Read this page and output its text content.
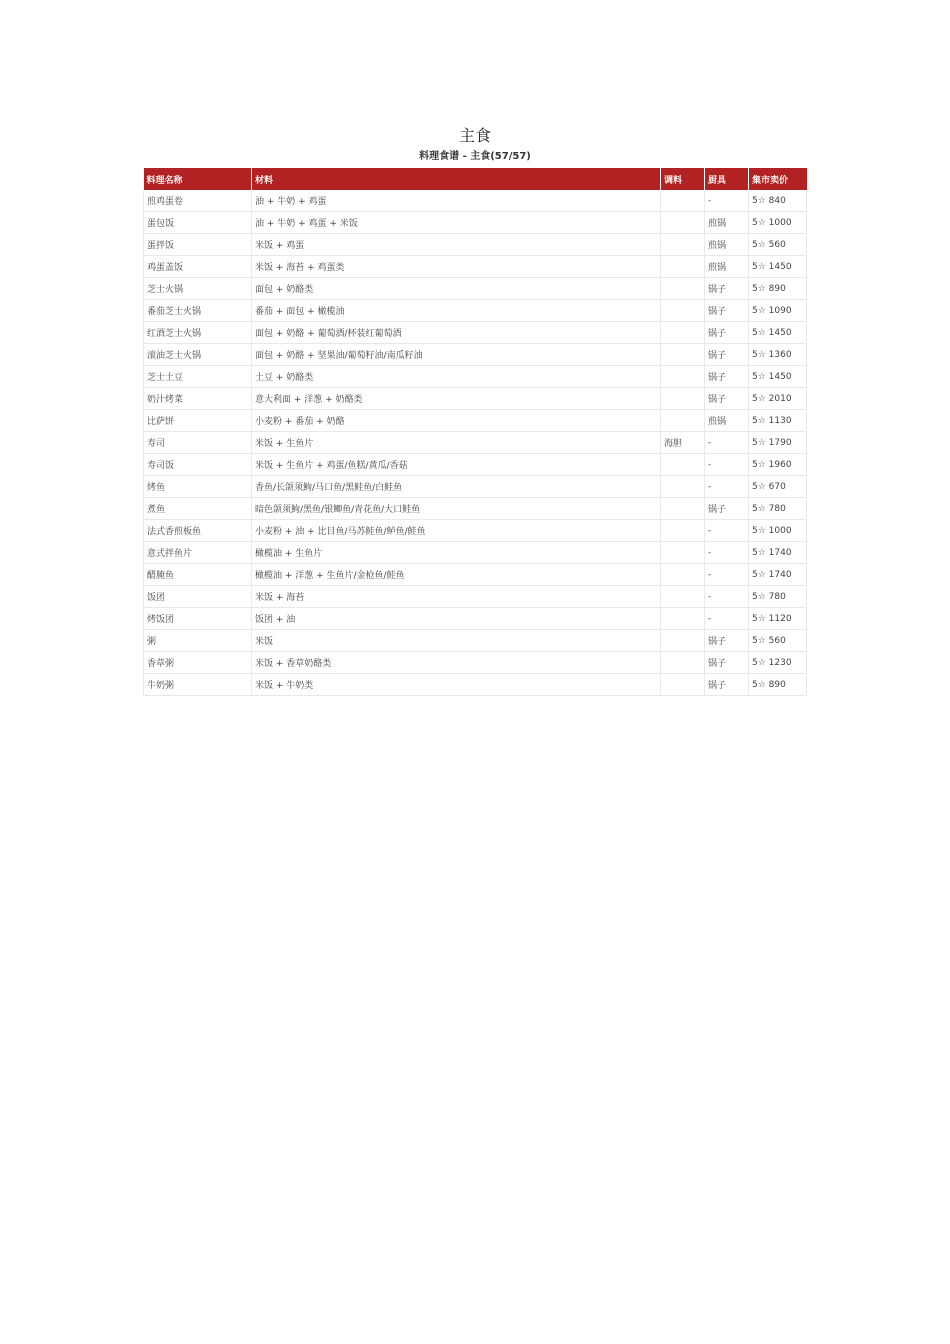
主食
料理食谱 - 主食(57/57)
料理名称	材料	调料	厨具	集市卖价
煎鸡蛋卷	油 + 牛奶 + 鸡蛋		-	5☆ 840
蛋包饭	油 + 牛奶 + 鸡蛋 + 米饭		煎锅	5☆ 1000
蛋拌饭	米饭 + 鸡蛋		煎锅	5☆ 560
鸡蛋盖饭	米饭 + 海苔 + 鸡蛋类		煎锅	5☆ 1450
芝士火锅	面包 + 奶酪类		锅子	5☆ 890
番茄芝士火锅	番茄 + 面包 + 橄榄油		锅子	5☆ 1090
红酒芝士火锅	面包 + 奶酪 + 葡萄酒/杯装红葡萄酒		锅子	5☆ 1450
滚油芝士火锅	面包 + 奶酪 + 坚果油/葡萄籽油/南瓜籽油		锅子	5☆ 1360
芝士土豆	土豆 + 奶酪类		锅子	5☆ 1450
奶汁烤菜	意大利面 + 洋葱 + 奶酪类		锅子	5☆ 2010
比萨饼	小麦粉 + 番茄 + 奶酪		煎锅	5☆ 1130
寿司	米饭 + 生鱼片	海胆	-	5☆ 1790
寿司饭	米饭 + 生鱼片 + 鸡蛋/鱼糕/黄瓜/香菇		-	5☆ 1960
烤鱼	香鱼/长颌须鮈/马口鱼/黑鲑鱼/白鲑鱼		-	5☆ 670
煮鱼	暗色颌须鮈/黑鱼/银鲫鱼/青花鱼/大口鲑鱼		锅子	5☆ 780
法式香煎板鱼	小麦粉 + 油 + 比目鱼/马苏鲑鱼/鲈鱼/鲑鱼		-	5☆ 1000
意式拌鱼片	橄榄油 + 生鱼片		-	5☆ 1740
醋腌鱼	橄榄油 + 洋葱 + 生鱼片/金枪鱼/鲑鱼		-	5☆ 1740
饭团	米饭 + 海苔		-	5☆ 780
烤饭团	饭团 + 油		-	5☆ 1120
粥	米饭		锅子	5☆ 560
香草粥	米饭 + 香草奶酪类		锅子	5☆ 1230
牛奶粥	米饭 + 牛奶类		锅子	5☆ 890
